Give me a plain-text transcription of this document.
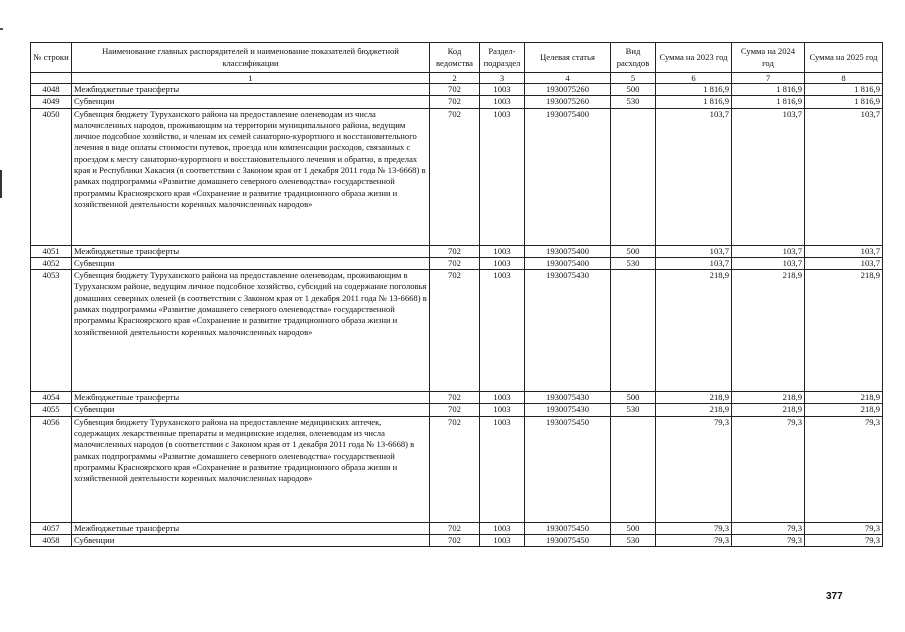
№ строки	Наименование главных распорядителей и наименование показателей бюджетной классификации	Код ведомства	Раздел-подраздел	Целевая статья	Вид расходов	Сумма на 2023 год	Сумма на 2024 год	Сумма на 2025 год
	1	2	3	4	5	6	7	8
4048	Межбюджетные трансферты	702	1003	1930075260	500	1 816,9	1 816,9	1 816,9
4049	Субвенции	702	1003	1930075260	530	1 816,9	1 816,9	1 816,9
4050	Субвенция бюджету Туруханского района на предоставление оленеводам из числа малочисленных народов, проживающим на территории муниципального района, ведущим личное подсобное хозяйство, и членам их семей санаторно-курортного и восстановительного лечения в виде оплаты стоимости путевок, проезда или компенсации расходов, связанных с проездом к месту санаторно-курортного и восстановительного лечения и обратно, в пределах края и Республики Хакасия (в соответствии с Законом края от 1 декабря 2011 года № 13-6668) в рамках подпрограммы «Развитие домашнего северного оленеводства» государственной программы Красноярского края «Сохранение и развитие традиционного образа жизни и хозяйственной деятельности коренных малочисленных народов»	702	1003	1930075400		103,7	103,7	103,7
4051	Межбюджетные трансферты	702	1003	1930075400	500	103,7	103,7	103,7
4052	Субвенции	702	1003	1930075400	530	103,7	103,7	103,7
4053	Субвенция бюджету Туруханского района на предоставление оленеводам, проживающим в Туруханском районе, ведущим личное подсобное хозяйство, субсидий на содержание поголовья домашних северных оленей (в соответствии с Законом края от 1 декабря 2011 года № 13-6668) в рамках подпрограммы «Развитие домашнего северного оленеводства» государственной программы Красноярского края «Сохранение и развитие традиционного образа жизни и хозяйственной деятельности коренных малочисленных народов»	702	1003	1930075430		218,9	218,9	218,9
4054	Межбюджетные трансферты	702	1003	1930075430	500	218,9	218,9	218,9
4055	Субвенции	702	1003	1930075430	530	218,9	218,9	218,9
4056	Субвенция бюджету Туруханского района на предоставление медицинских аптечек, содержащих лекарственные препараты и медицинские изделия, оленеводам из числа малочисленных народов (в соответствии с Законом края от 1 декабря 2011 года № 13-6668) в рамках подпрограммы «Развитие домашнего северного оленеводства» государственной программы Красноярского края «Сохранение и развитие традиционного образа жизни и хозяйственной деятельности коренных малочисленных народов»	702	1003	1930075450		79,3	79,3	79,3
4057	Межбюджетные трансферты	702	1003	1930075450	500	79,3	79,3	79,3
4058	Субвенции	702	1003	1930075450	530	79,3	79,3	79,3
377
